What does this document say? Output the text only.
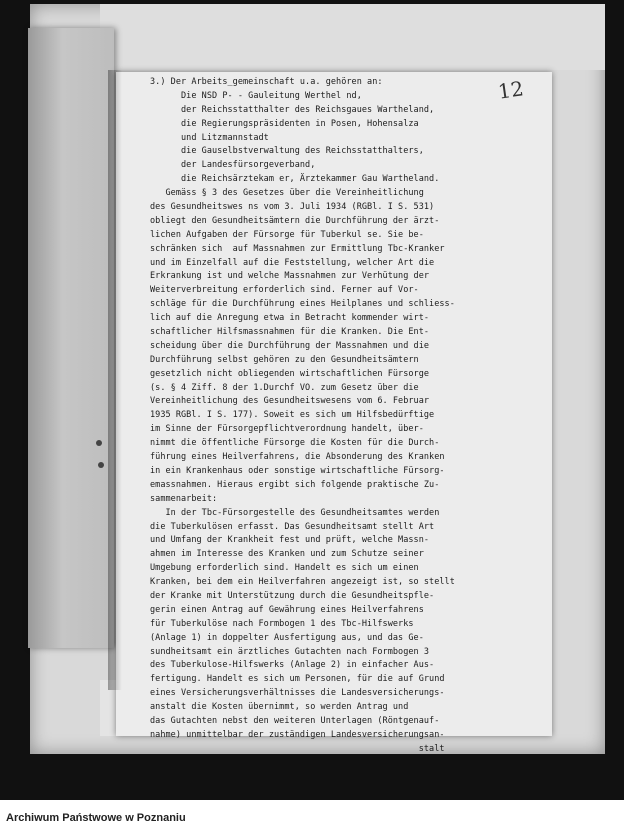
12
3.) Der Arbeits_gemeinschaft u.a. gehören an:
Die NSD P- - Gauleitung Werthel nd,
der Reichsstatthalter des Reichsgaues Wartheland,
die Regierungspräsidenten in Posen, Hohensalza
und Litzmannstadt
die Gauselbstverwaltung des Reichsstatthalters,
der Landesfürsorgeverband,
die Reichsärztekam er, Ärztekammer Gau Wartheland.
Gemäss § 3 des Gesetzes über die Vereinheitlichung
des Gesundheitswes ns vom 3. Juli 1934 (RGBl. I S. 531)
obliegt den Gesundheitsämtern die Durchführung der ärzt-
lichen Aufgaben der Fürsorge für Tuberkul se. Sie be-
schränken sich  auf Massnahmen zur Ermittlung Tbc-Kranker
und im Einzelfall auf die Feststellung, welcher Art die
Erkrankung ist und welche Massnahmen zur Verhütung der
Weiterverbreitung erforderlich sind. Ferner auf Vor-
schläge für die Durchführung eines Heilplanes und schliess-
lich auf die Anregung etwa in Betracht kommender wirt-
schaftlicher Hilfsmassnahmen für die Kranken. Die Ent-
scheidung über die Durchführung der Massnahmen und die
Durchführung selbst gehören zu den Gesundheitsämtern
gesetzlich nicht obliegenden wirtschaftlichen Fürsorge
(s. § 4 Ziff. 8 der 1.Durchf VO. zum Gesetz über die
Vereinheitlichung des Gesundheitswesens vom 6. Februar
1935 RGBl. I S. 177). Soweit es sich um Hilfsbedürftige
im Sinne der Fürsorgepflichtverordnung handelt, über-
nimmt die öffentliche Fürsorge die Kosten für die Durch-
führung eines Heilverfahrens, die Absonderung des Kranken
in ein Krankenhaus oder sonstige wirtschaftliche Fürsorg-
emassnahmen. Hieraus ergibt sich folgende praktische Zu-
sammenarbeit:
In der Tbc-Fürsorgestelle des Gesundheitsamtes werden
die Tuberkulösen erfasst. Das Gesundheitsamt stellt Art
und Umfang der Krankheit fest und prüft, welche Massn-
ahmen im Interesse des Kranken und zum Schutze seiner
Umgebung erforderlich sind. Handelt es sich um einen
Kranken, bei dem ein Heilverfahren angezeigt ist, so stellt
der Kranke mit Unterstützung durch die Gesundheitspfle-
gerin einen Antrag auf Gewährung eines Heilverfahrens
für Tuberkulöse nach Formbogen 1 des Tbc-Hilfswerks
(Anlage 1) in doppelter Ausfertigung aus, und das Ge-
sundheitsamt ein ärztliches Gutachten nach Formbogen 3
des Tuberkulose-Hilfswerks (Anlage 2) in einfacher Aus-
fertigung. Handelt es sich um Personen, für die auf Grund
eines Versicherungsverhältnisses die Landesversicherungs-
anstalt die Kosten übernimmt, so werden Antrag und
das Gutachten nebst den weiteren Unterlagen (Röntgenauf-
nahme) unmittelbar der zuständigen Landesversicherungsan-
stalt
Archiwum Państwowe w Poznaniu
